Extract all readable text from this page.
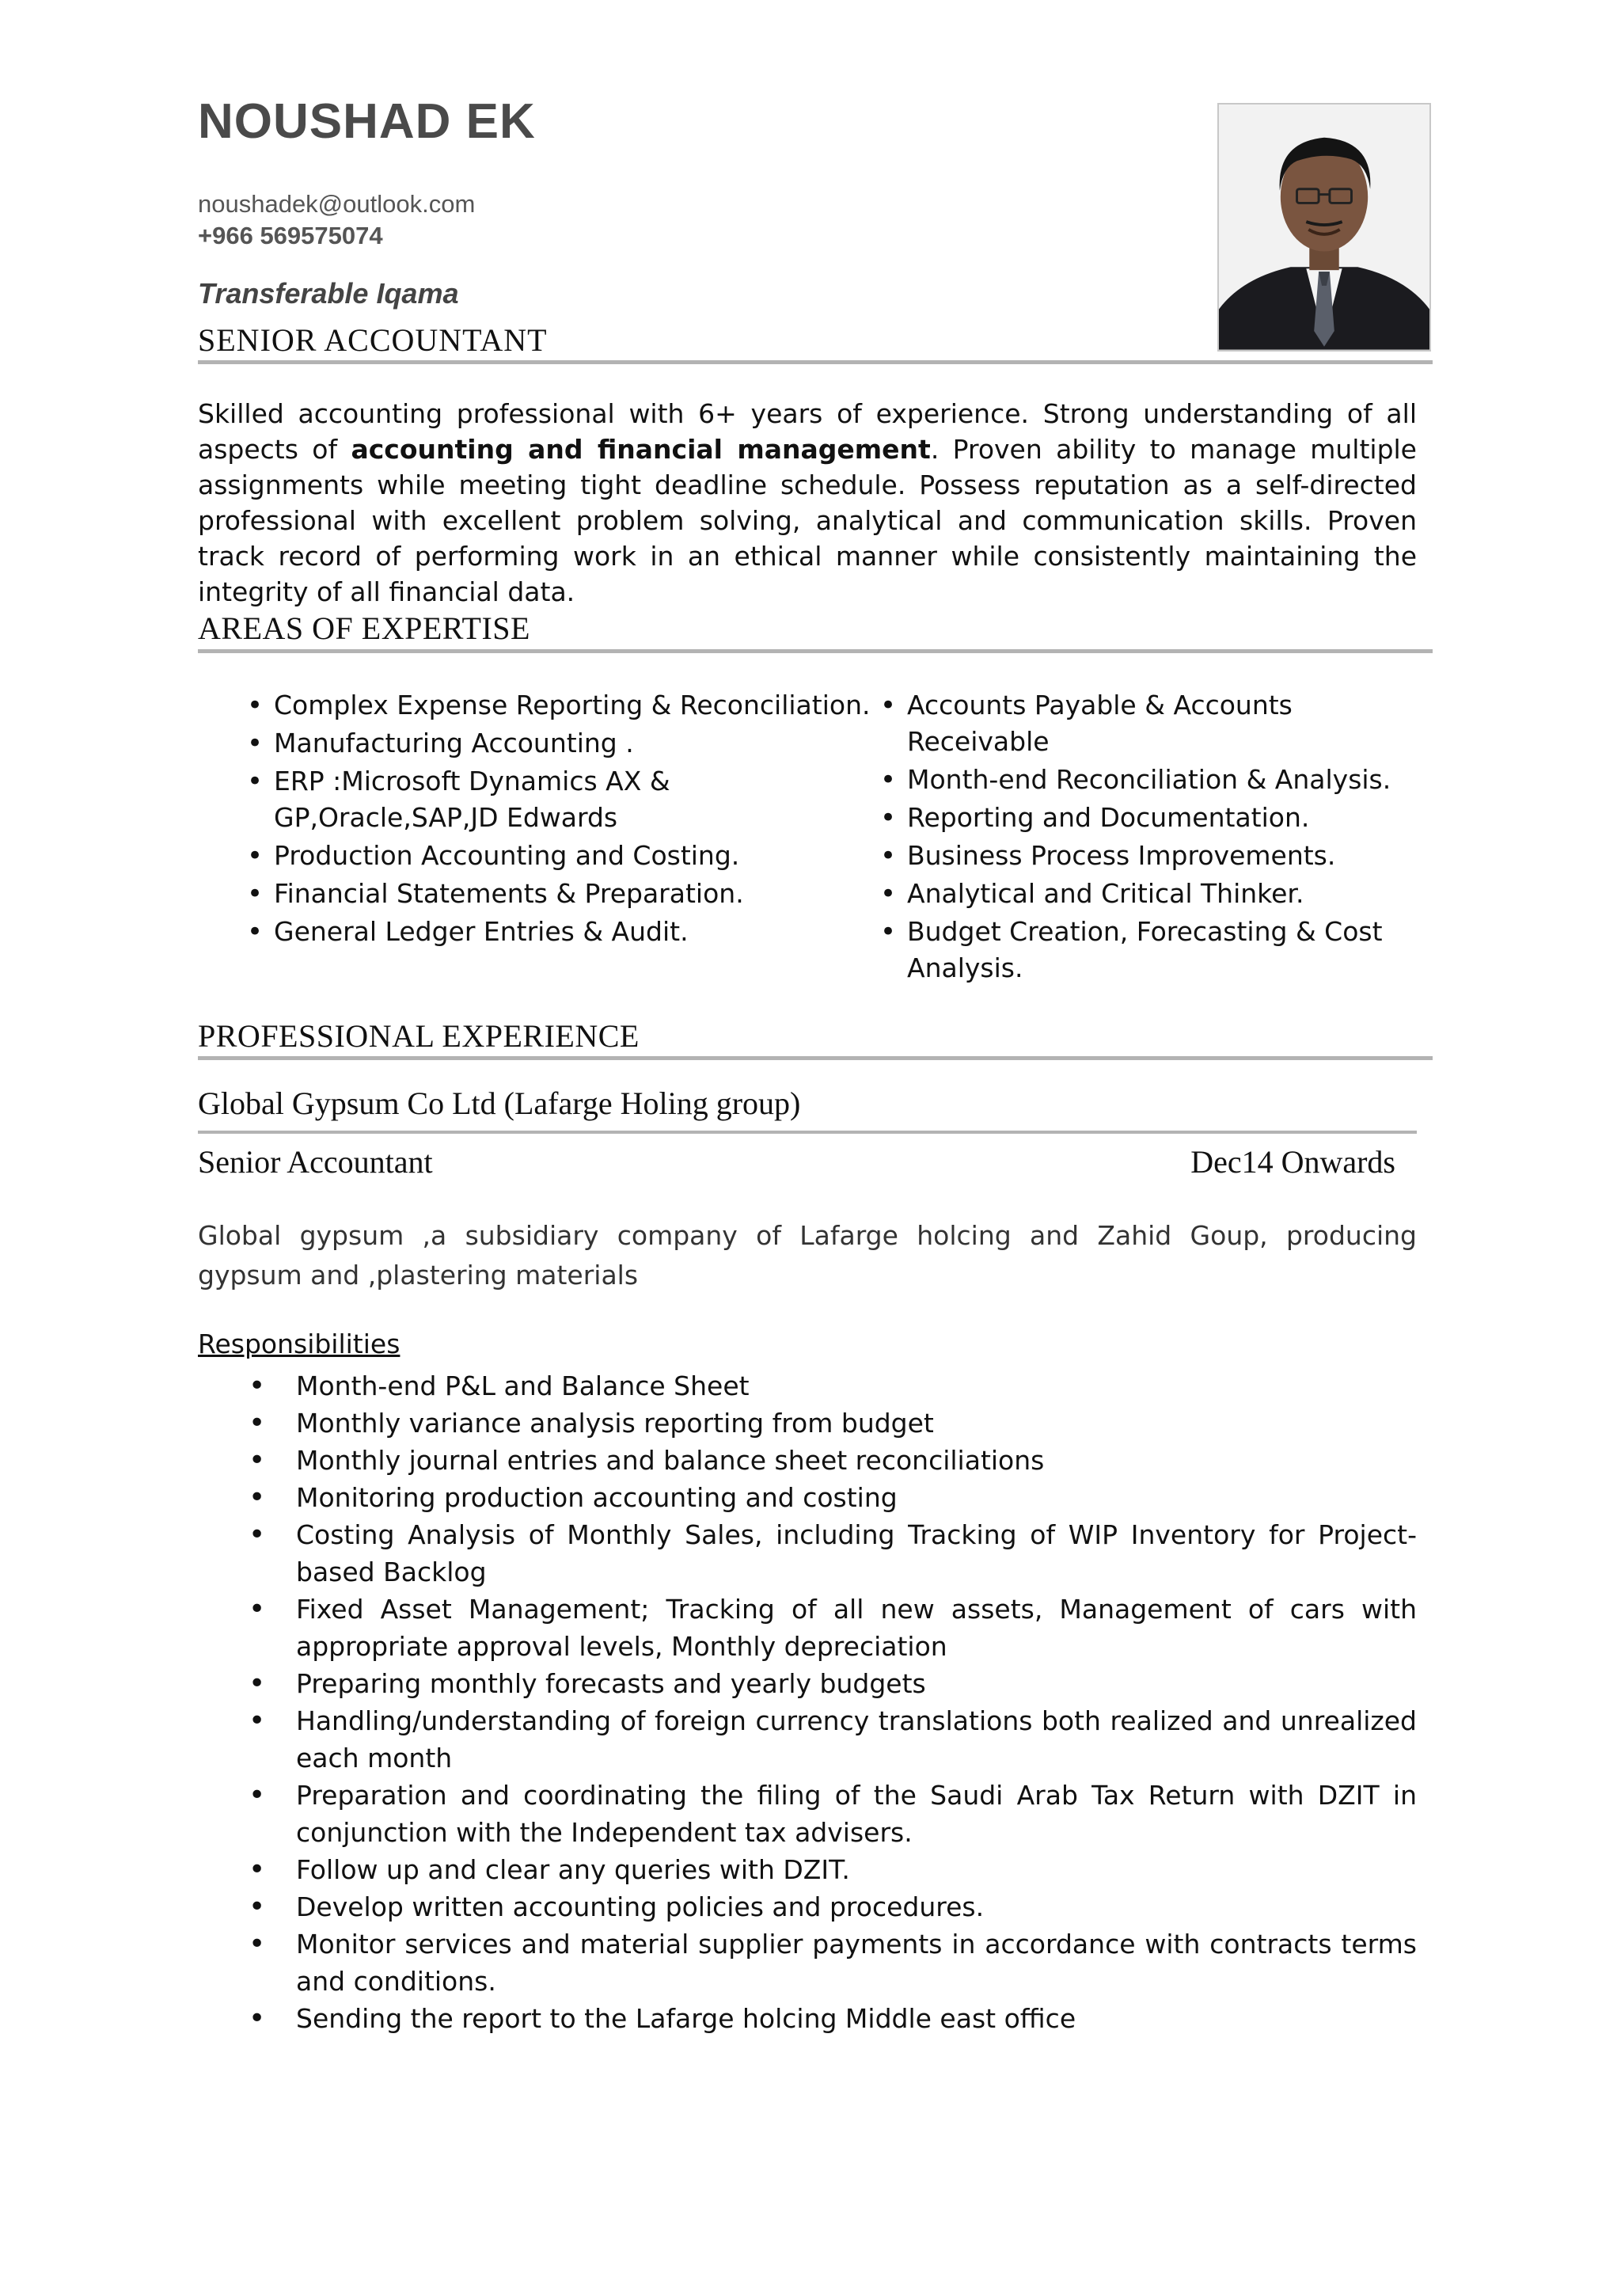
NOUSHAD EK
noushadek@outlook.com
+966 569575074
Transferable Iqama
SENIOR ACCOUNTANT

Skilled accounting professional with 6+ years of experience. Strong understanding of all aspects of accounting and financial management. Proven ability to manage multiple assignments while meeting tight deadline schedule. Possess reputation as a self-directed professional with excellent problem solving, analytical and communication skills. Proven track record of performing work in an ethical manner while consistently maintaining the integrity of all financial data.

AREAS OF EXPERTISE
• Complex Expense Reporting & Reconciliation.
• Manufacturing Accounting .
• ERP :Microsoft Dynamics AX & GP,Oracle,SAP,JD Edwards
• Production Accounting and Costing.
• Financial Statements & Preparation.
• General Ledger Entries & Audit.
• Accounts Payable & Accounts Receivable
• Month-end Reconciliation & Analysis.
• Reporting and Documentation.
• Business Process Improvements.
• Analytical and Critical Thinker.
• Budget Creation, Forecasting & Cost Analysis.
PROFESSIONAL EXPERIENCE
Global Gypsum Co Ltd (Lafarge Holing group)
Senior Accountant	Dec14 Onwards

Global gypsum ,a subsidiary company of Lafarge holcing and Zahid Goup, producing gypsum and ,plastering materials

Responsibilities
• Month-end P&L and Balance Sheet
• Monthly variance analysis reporting from budget
• Monthly journal entries and balance sheet reconciliations
• Monitoring production accounting and costing
• Costing Analysis of Monthly Sales, including Tracking of WIP Inventory for Project-based Backlog
• Fixed Asset Management; Tracking of all new assets, Management of cars with appropriate approval levels, Monthly depreciation
• Preparing monthly forecasts and yearly budgets
• Handling/understanding of foreign currency translations both realized and unrealized each month
• Preparation and coordinating the filing of the Saudi Arab Tax Return with DZIT in conjunction with the Independent tax advisers.
• Follow up and clear any queries with DZIT.
• Develop written accounting policies and procedures.
• Monitor services and material supplier payments in accordance with contracts terms and conditions.
• Sending the report to the Lafarge holcing Middle east office
